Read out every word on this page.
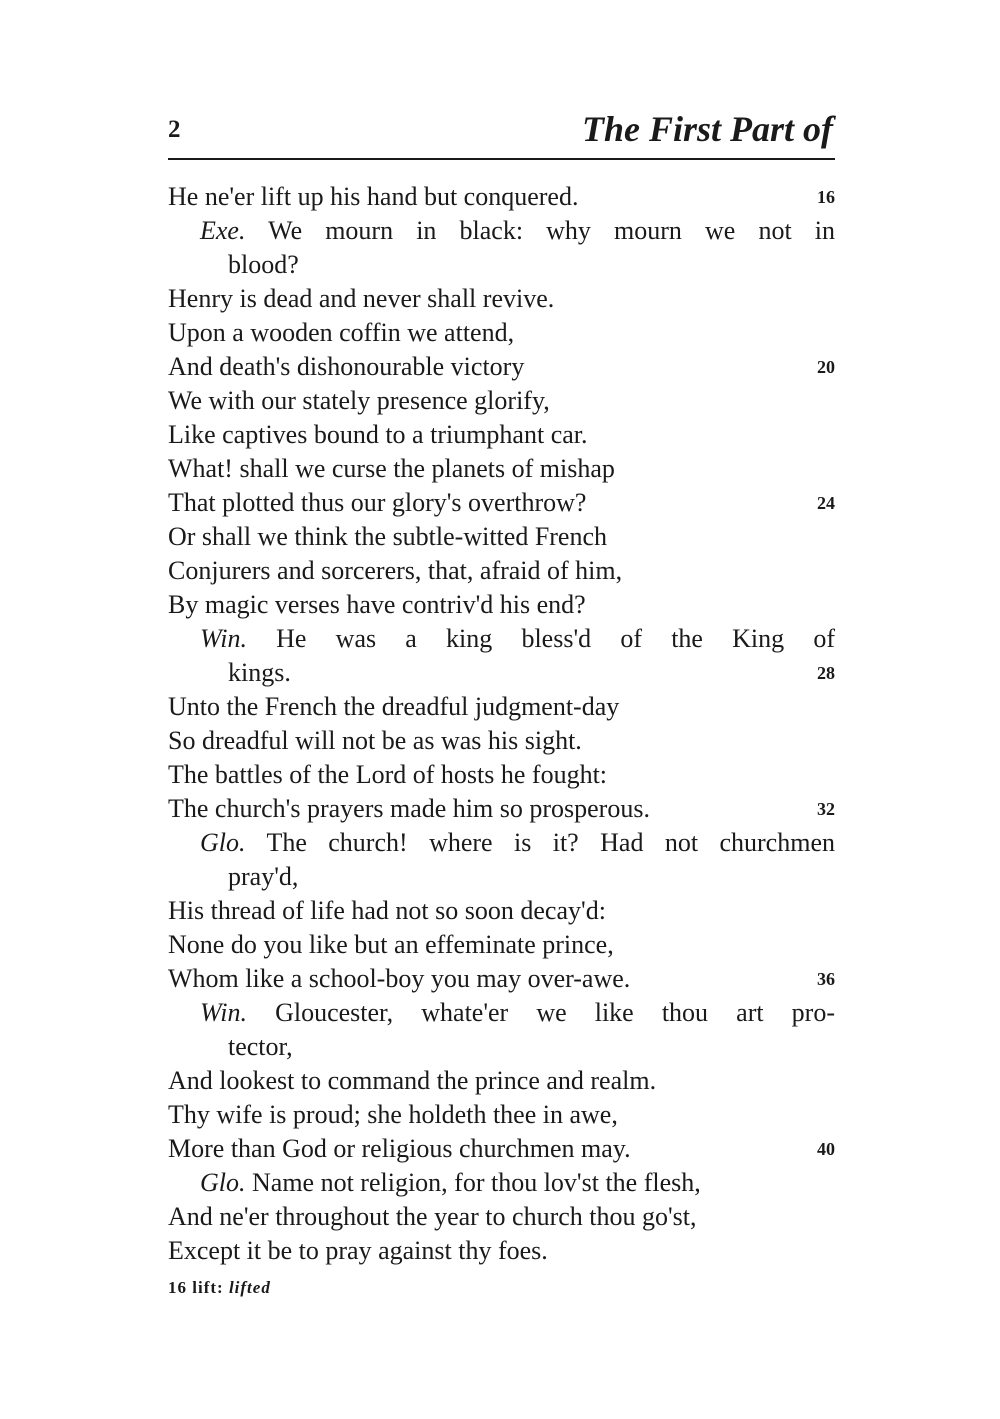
2	The First Part of
He ne'er lift up his hand but conquered.	16
Exe. We mourn in black: why mourn we not in
blood?
Henry is dead and never shall revive.
Upon a wooden coffin we attend,
And death's dishonourable victory	20
We with our stately presence glorify,
Like captives bound to a triumphant car.
What! shall we curse the planets of mishap
That plotted thus our glory's overthrow?	24
Or shall we think the subtle-witted French
Conjurers and sorcerers, that, afraid of him,
By magic verses have contriv'd his end?
Win. He was a king bless'd of the King of
kings.	28
Unto the French the dreadful judgment-day
So dreadful will not be as was his sight.
The battles of the Lord of hosts he fought:
The church's prayers made him so prosperous.	32
Glo. The church! where is it? Had not churchmen
pray'd,
His thread of life had not so soon decay'd:
None do you like but an effeminate prince,
Whom like a school-boy you may over-awe.	36
Win. Gloucester, whate'er we like thou art pro-
tector,
And lookest to command the prince and realm.
Thy wife is proud; she holdeth thee in awe,
More than God or religious churchmen may.	40
Glo. Name not religion, for thou lov'st the flesh,
And ne'er throughout the year to church thou go'st,
Except it be to pray against thy foes.
16 lift: lifted
